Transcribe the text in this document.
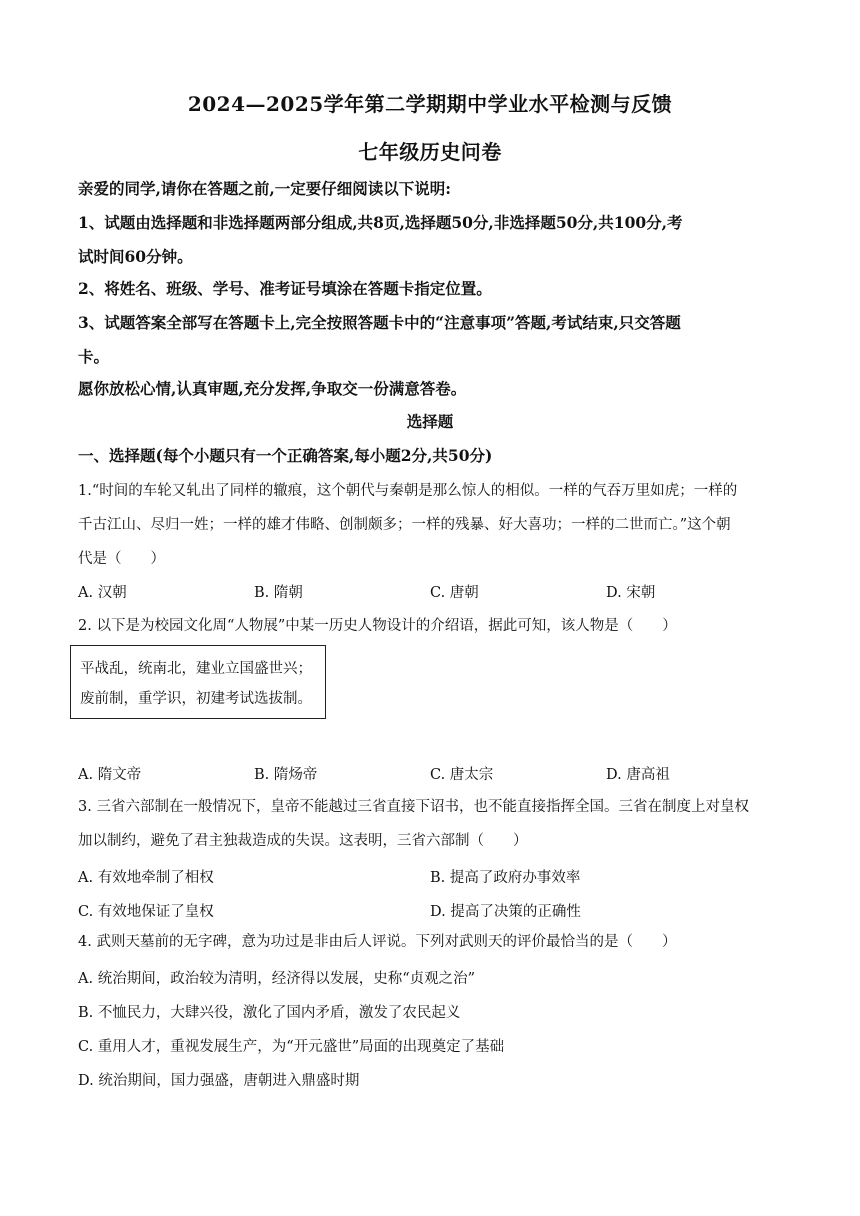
2024—2025学年第二学期期中学业水平检测与反馈
七年级历史问卷
亲爱的同学,请你在答题之前,一定要仔细阅读以下说明:
1、试题由选择题和非选择题两部分组成,共8页,选择题50分,非选择题50分,共100分,考
试时间60分钟。
2、将姓名、班级、学号、准考证号填涂在答题卡指定位置。
3、试题答案全部写在答题卡上,完全按照答题卡中的“注意事项”答题,考试结束,只交答题
卡。
愿你放松心情,认真审题,充分发挥,争取交一份满意答卷。
选择题
一、选择题(每个小题只有一个正确答案,每小题2分,共50分)
1.“时间的车轮又轧出了同样的辙痕，这个朝代与秦朝是那么惊人的相似。一样的气吞万里如虎；一样的
千古江山、尽归一姓；一样的雄才伟略、创制颇多；一样的残暴、好大喜功；一样的二世而亡。”这个朝
代是（　　）
A. 汉朝	B. 隋朝	C. 唐朝	D. 宋朝
2. 以下是为校园文化周“人物展”中某一历史人物设计的介绍语，据此可知，该人物是（　　）
平战乱，统南北，建业立国盛世兴；
废前制，重学识，初建考试选拔制。
A. 隋文帝	B. 隋炀帝	C. 唐太宗	D. 唐高祖
3. 三省六部制在一般情况下，皇帝不能越过三省直接下诏书，也不能直接指挥全国。三省在制度上对皇权
加以制约，避免了君主独裁造成的失误。这表明，三省六部制（　　）
A. 有效地牵制了相权	B. 提高了政府办事效率
C. 有效地保证了皇权	D. 提高了决策的正确性
4. 武则天墓前的无字碑，意为功过是非由后人评说。下列对武则天的评价最恰当的是（　　）
A. 统治期间，政治较为清明，经济得以发展，史称“贞观之治”
B. 不恤民力，大肆兴役，激化了国内矛盾，激发了农民起义
C. 重用人才，重视发展生产，为“开元盛世”局面的出现奠定了基础
D. 统治期间，国力强盛，唐朝进入鼎盛时期
